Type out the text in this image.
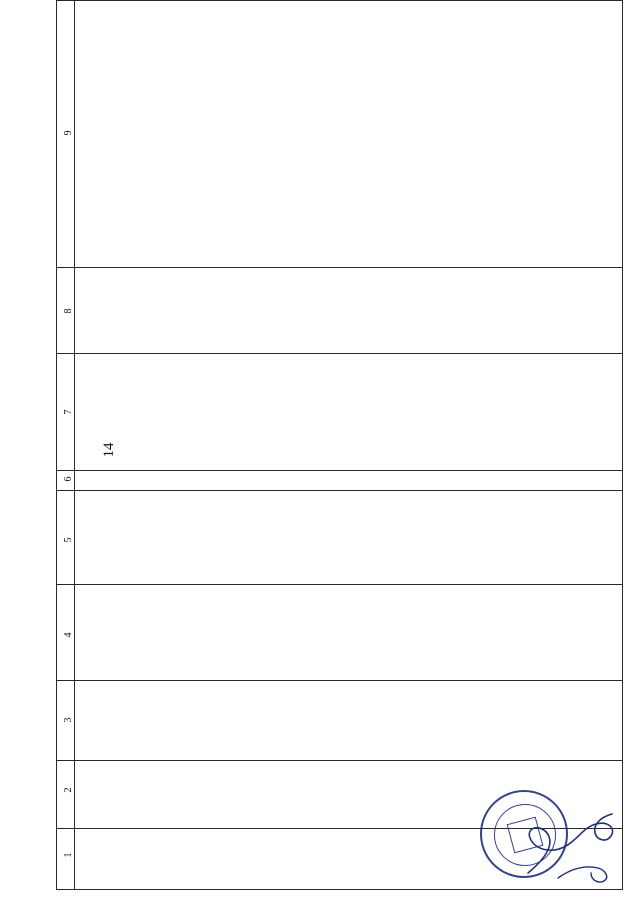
14
1
2
3
4
5
6
7
8
9
